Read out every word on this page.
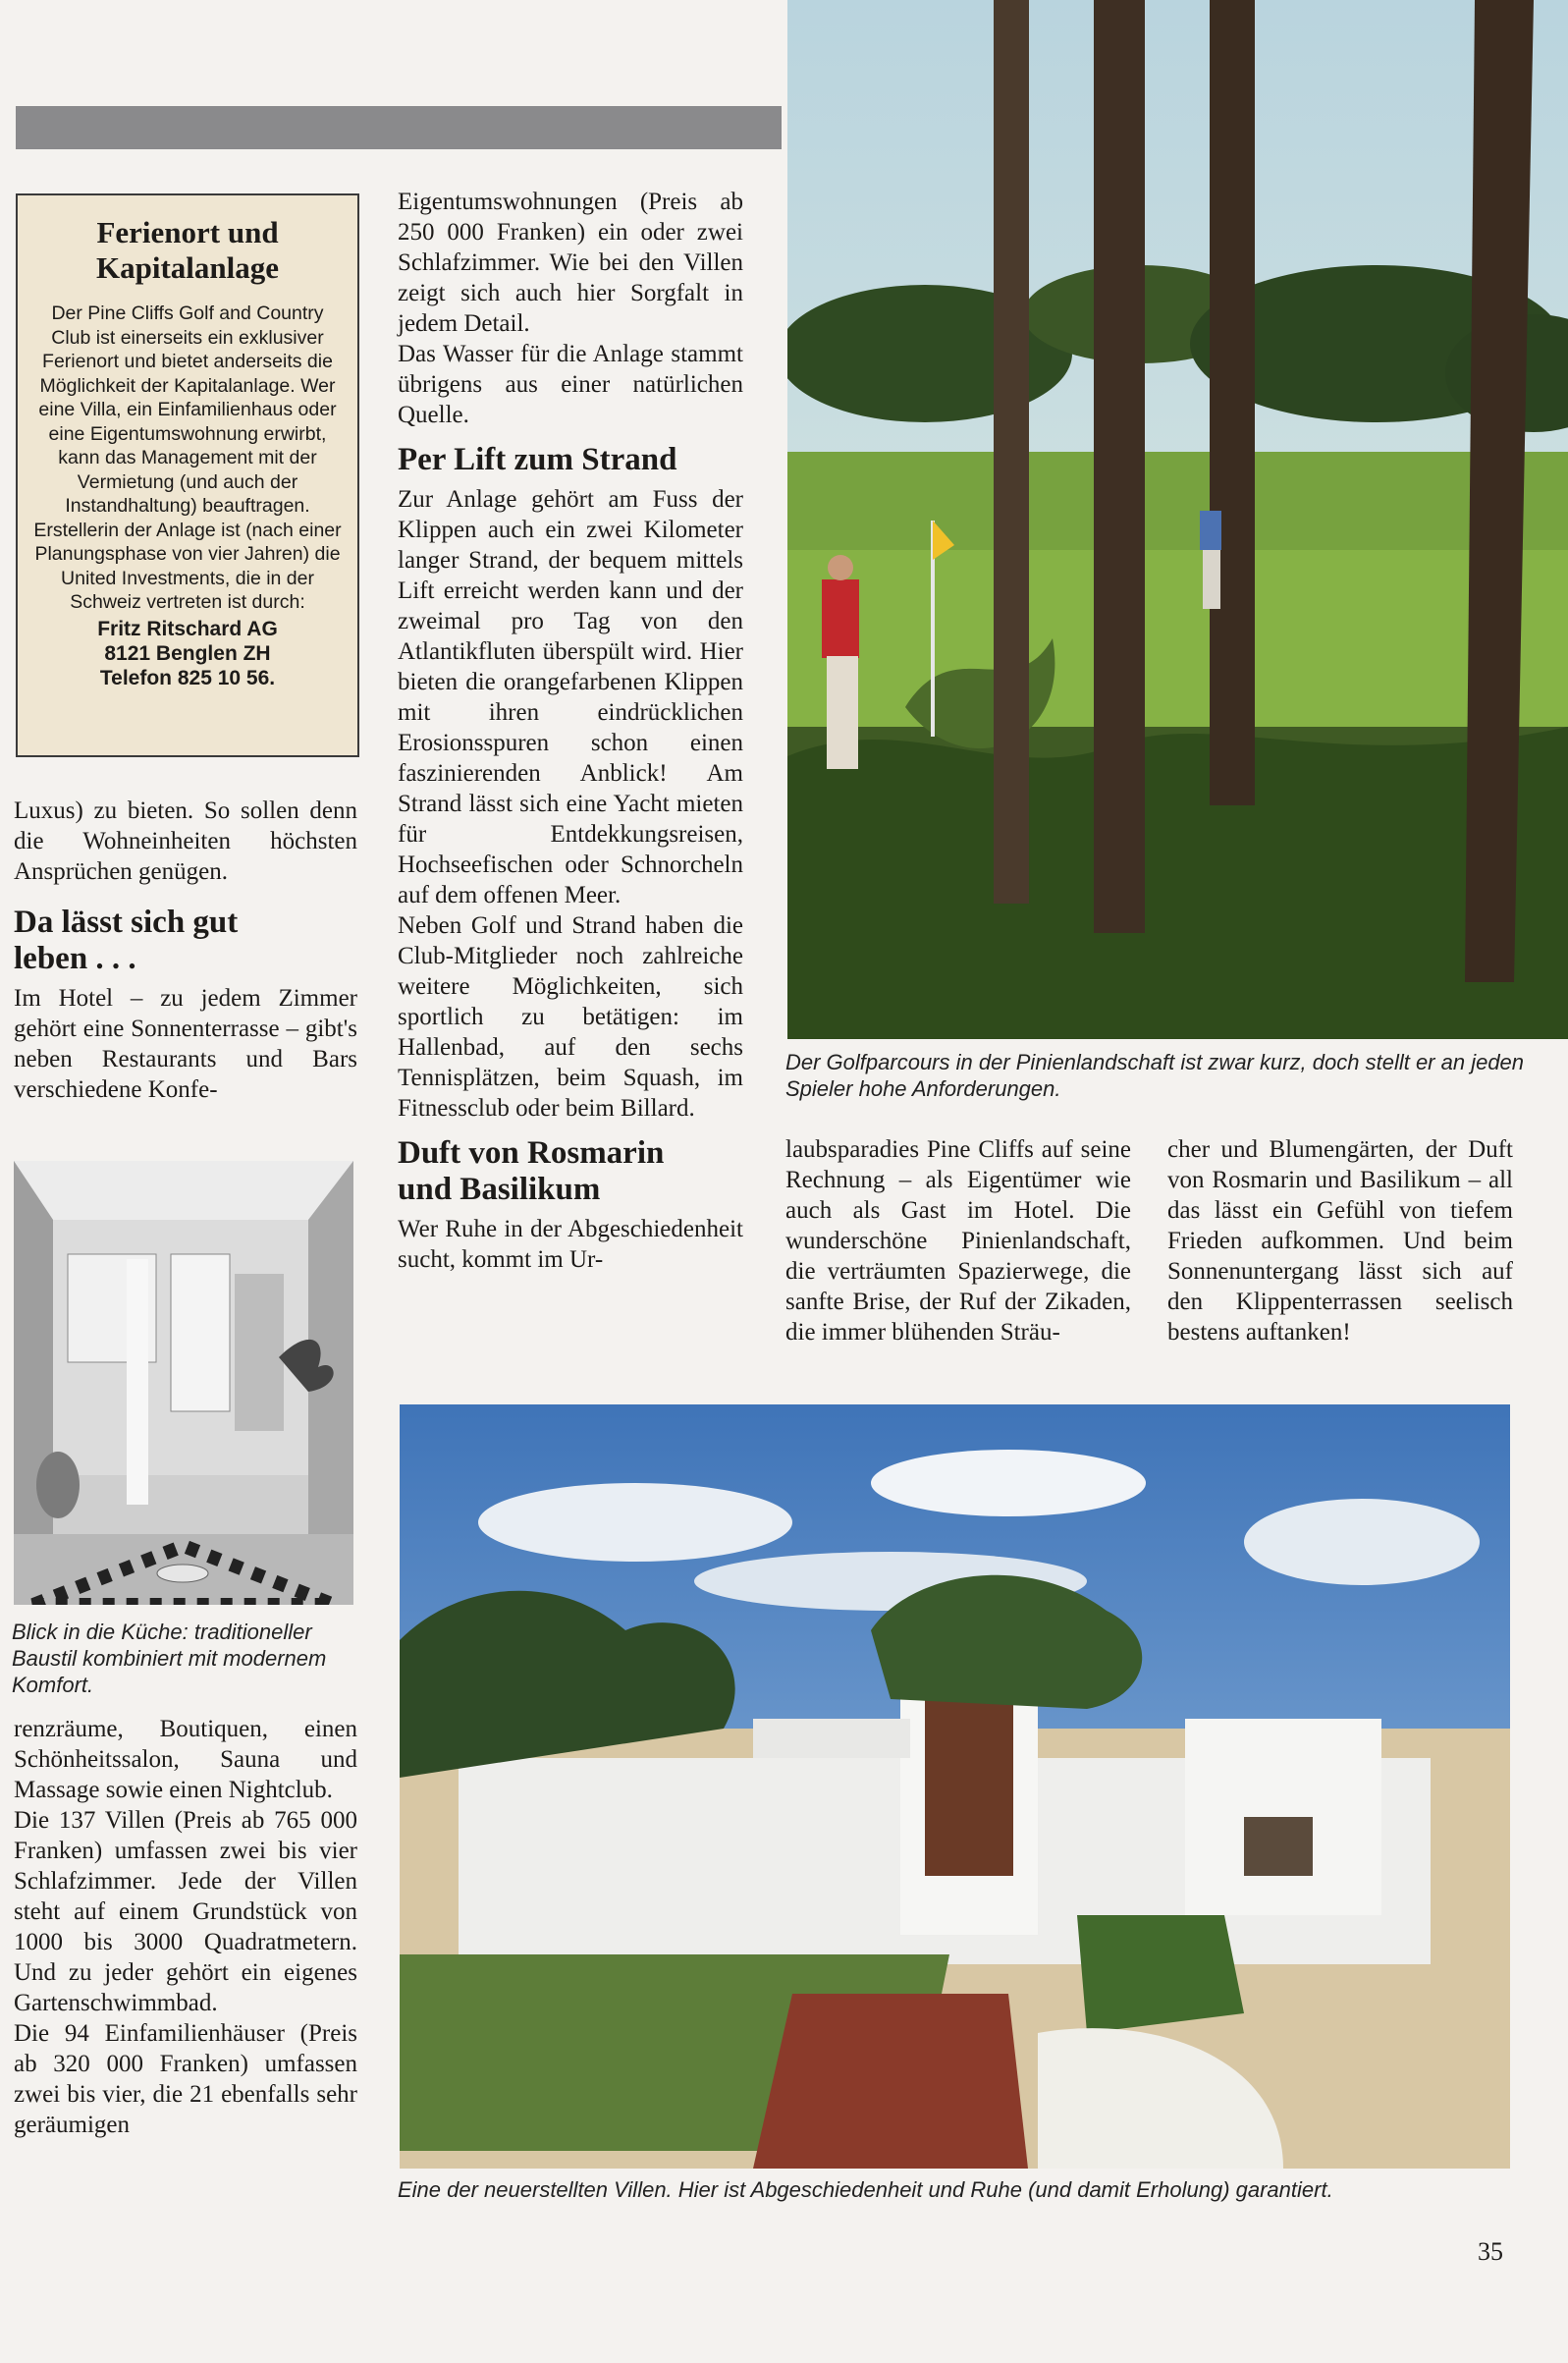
Ferienort und Kapitalanlage

Der Pine Cliffs Golf and Country Club ist einerseits ein exklusiver Ferienort und bietet anderseits die Möglichkeit der Kapitalanlage. Wer eine Villa, ein Einfamilienhaus oder eine Eigentumswohnung erwirbt, kann das Management mit der Vermietung (und auch der Instandhaltung) beauftragen. Erstellerin der Anlage ist (nach einer Planungsphase von vier Jahren) die United Investments, die in der Schweiz vertreten ist durch:

Fritz Ritschard AG
8121 Benglen ZH
Telefon 825 10 56.

Luxus) zu bieten. So sollen denn die Wohneinheiten höchsten Ansprüchen genügen.

Da lässt sich gut leben . . .

Im Hotel – zu jedem Zimmer gehört eine Sonnenterrasse – gibt's neben Restaurants und Bars verschiedene Konfe-

Blick in die Küche: traditioneller Baustil kombiniert mit modernem Komfort.

renzräume, Boutiquen, einen Schönheitssalon, Sauna und Massage sowie einen Nightclub.

Die 137 Villen (Preis ab 765 000 Franken) umfassen zwei bis vier Schlafzimmer. Jede der Villen steht auf einem Grundstück von 1000 bis 3000 Quadratmetern. Und zu jeder gehört ein eigenes Gartenschwimmbad.

Die 94 Einfamilienhäuser (Preis ab 320 000 Franken) umfassen zwei bis vier, die 21 ebenfalls sehr geräumigen

Eigentumswohnungen (Preis ab 250 000 Franken) ein oder zwei Schlafzimmer. Wie bei den Villen zeigt sich auch hier Sorgfalt in jedem Detail.

Das Wasser für die Anlage stammt übrigens aus einer natürlichen Quelle.

Per Lift zum Strand

Zur Anlage gehört am Fuss der Klippen auch ein zwei Kilometer langer Strand, der bequem mittels Lift erreicht werden kann und der zweimal pro Tag von den Atlantikfluten überspült wird. Hier bieten die orangefarbenen Klippen mit ihren eindrücklichen Erosionsspuren schon einen faszinierenden Anblick! Am Strand lässt sich eine Yacht mieten für Entdekkungsreisen, Hochseefischen oder Schnorcheln auf dem offenen Meer.

Neben Golf und Strand haben die Club-Mitglieder noch zahlreiche weitere Möglichkeiten, sich sportlich zu betätigen: im Hallenbad, auf den sechs Tennisplätzen, beim Squash, im Fitnessclub oder beim Billard.

Duft von Rosmarin und Basilikum

Wer Ruhe in der Abgeschiedenheit sucht, kommt im Ur-

Der Golfparcours in der Pinienlandschaft ist zwar kurz, doch stellt er an jeden Spieler hohe Anforderungen.

laubsparadies Pine Cliffs auf seine Rechnung – als Eigentümer wie auch als Gast im Hotel. Die wunderschöne Pinienlandschaft, die verträumten Spazierwege, die sanfte Brise, der Ruf der Zikaden, die immer blühenden Sträu-

cher und Blumengärten, der Duft von Rosmarin und Basilikum – all das lässt ein Gefühl von tiefem Frieden aufkommen. Und beim Sonnenuntergang lässt sich auf den Klippenterrassen seelisch bestens auftanken!

Eine der neuerstellten Villen. Hier ist Abgeschiedenheit und Ruhe (und damit Erholung) garantiert.
35
